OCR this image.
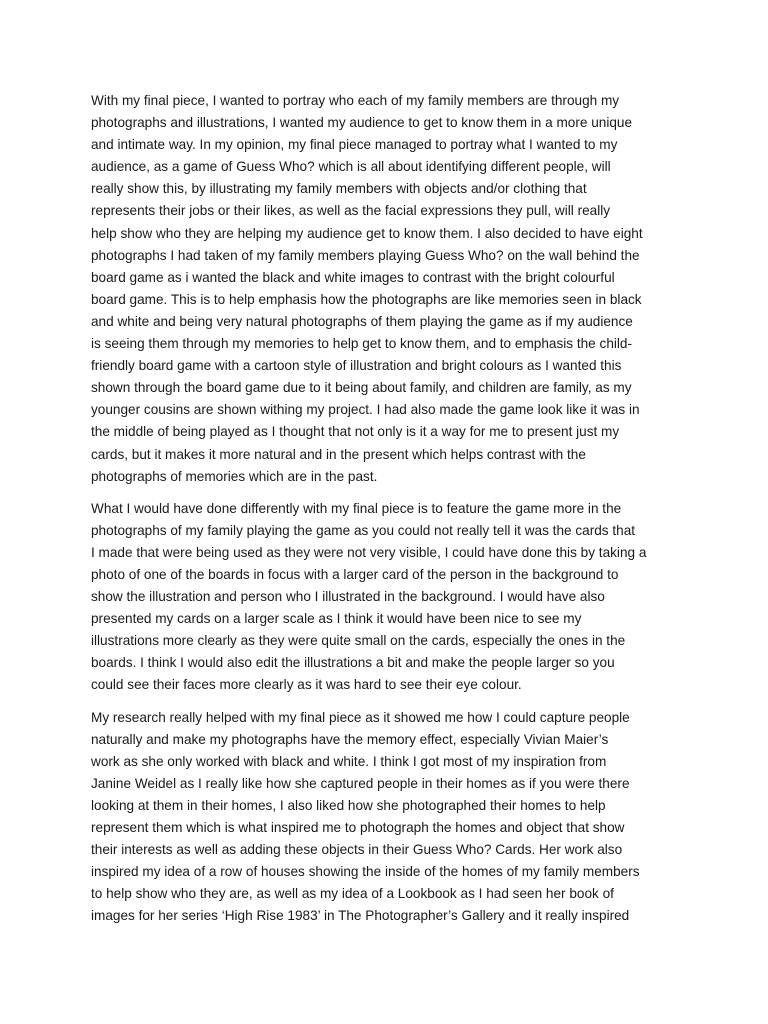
With my final piece, I wanted to portray who each of my family members are through my
photographs and illustrations, I wanted my audience to get to know them in a more unique
and intimate way. In my opinion, my final piece managed to portray what I wanted to my
audience, as a game of Guess Who? which is all about identifying different people, will
really show this, by illustrating my family members with objects and/or clothing that
represents their jobs or their likes, as well as the facial expressions they pull, will really
help show who they are helping my audience get to know them. I also decided to have eight
photographs I had taken of my family members playing Guess Who? on the wall behind the
board game as i wanted the black and white images to contrast with the bright colourful
board game. This is to help emphasis how the photographs are like memories seen in black
and white and being very natural photographs of them playing the game as if my audience
is seeing them through my memories to help get to know them, and to emphasis the child-
friendly board game with a cartoon style of illustration and bright colours as I wanted this
shown through the board game due to it being about family, and children are family, as my
younger cousins are shown withing my project. I had also made the game look like it was in
the middle of being played as I thought that not only is it a way for me to present just my
cards, but it makes it more natural and in the present which helps contrast with the
photographs of memories which are in the past.

What I would have done differently with my final piece is to feature the game more in the
photographs of my family playing the game as you could not really tell it was the cards that
I made that were being used as they were not very visible, I could have done this by taking a
photo of one of the boards in focus with a larger card of the person in the background to
show the illustration and person who I illustrated in the background. I would have also
presented my cards on a larger scale as I think it would have been nice to see my
illustrations more clearly as they were quite small on the cards, especially the ones in the
boards. I think I would also edit the illustrations a bit and make the people larger so you
could see their faces more clearly as it was hard to see their eye colour.

My research really helped with my final piece as it showed me how I could capture people
naturally and make my photographs have the memory effect, especially Vivian Maier’s
work as she only worked with black and white. I think I got most of my inspiration from
Janine Weidel as I really like how she captured people in their homes as if you were there
looking at them in their homes, I also liked how she photographed their homes to help
represent them which is what inspired me to photograph the homes and object that show
their interests as well as adding these objects in their Guess Who? Cards. Her work also
inspired my idea of a row of houses showing the inside of the homes of my family members
to help show who they are, as well as my idea of a Lookbook as I had seen her book of
images for her series ‘High Rise 1983’ in The Photographer’s Gallery and it really inspired
